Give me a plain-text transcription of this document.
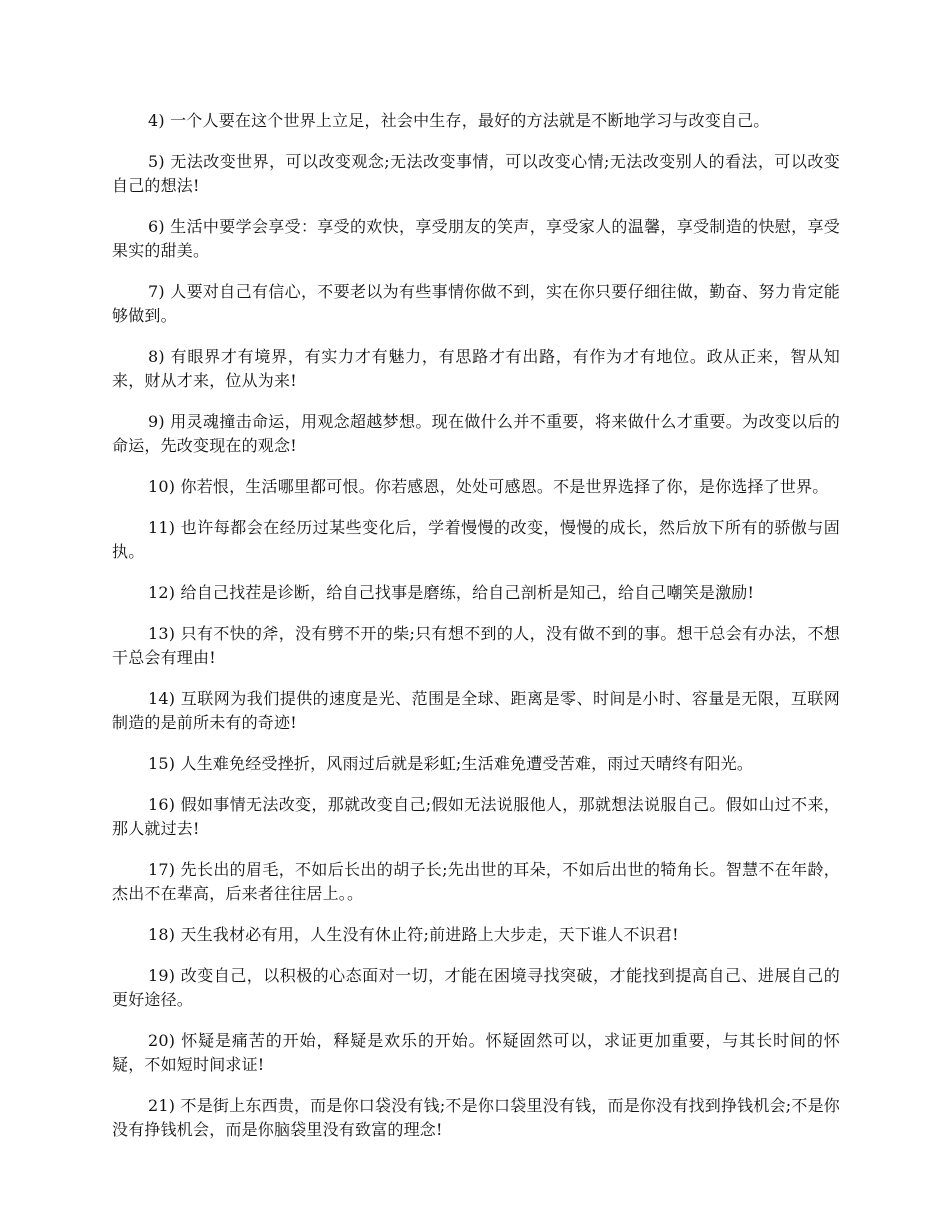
4) 一个人要在这个世界上立足，社会中生存，最好的方法就是不断地学习与改变自己。

5) 无法改变世界，可以改变观念;无法改变事情，可以改变心情;无法改变别人的看法，可以改变自己的想法!

6) 生活中要学会享受：享受的欢快，享受朋友的笑声，享受家人的温馨，享受制造的快慰，享受果实的甜美。

7) 人要对自己有信心，不要老以为有些事情你做不到，实在你只要仔细往做，勤奋、努力肯定能够做到。

8) 有眼界才有境界，有实力才有魅力，有思路才有出路，有作为才有地位。政从正来，智从知来，财从才来，位从为来!

9) 用灵魂撞击命运，用观念超越梦想。现在做什么并不重要，将来做什么才重要。为改变以后的命运，先改变现在的观念!

10) 你若恨，生活哪里都可恨。你若感恩，处处可感恩。不是世界选择了你，是你选择了世界。

11) 也许每都会在经历过某些变化后，学着慢慢的改变，慢慢的成长，然后放下所有的骄傲与固执。

12) 给自己找茬是诊断，给自己找事是磨练，给自己剖析是知己，给自己嘲笑是激励!

13) 只有不快的斧，没有劈不开的柴;只有想不到的人，没有做不到的事。想干总会有办法，不想干总会有理由!

14) 互联网为我们提供的速度是光、范围是全球、距离是零、时间是小时、容量是无限，互联网制造的是前所未有的奇迹!

15) 人生难免经受挫折，风雨过后就是彩虹;生活难免遭受苦难，雨过天晴终有阳光。

16) 假如事情无法改变，那就改变自己;假如无法说服他人，那就想法说服自己。假如山过不来，那人就过去!

17) 先长出的眉毛，不如后长出的胡子长;先出世的耳朵，不如后出世的犄角长。智慧不在年龄，杰出不在辈高，后来者往往居上。。

18) 天生我材必有用，人生没有休止符;前进路上大步走，天下谁人不识君!

19) 改变自己，以积极的心态面对一切，才能在困境寻找突破，才能找到提高自己、进展自己的更好途径。

20) 怀疑是痛苦的开始，释疑是欢乐的开始。怀疑固然可以，求证更加重要，与其长时间的怀疑，不如短时间求证!

21) 不是街上东西贵，而是你口袋没有钱;不是你口袋里没有钱，而是你没有找到挣钱机会;不是你没有挣钱机会，而是你脑袋里没有致富的理念!
